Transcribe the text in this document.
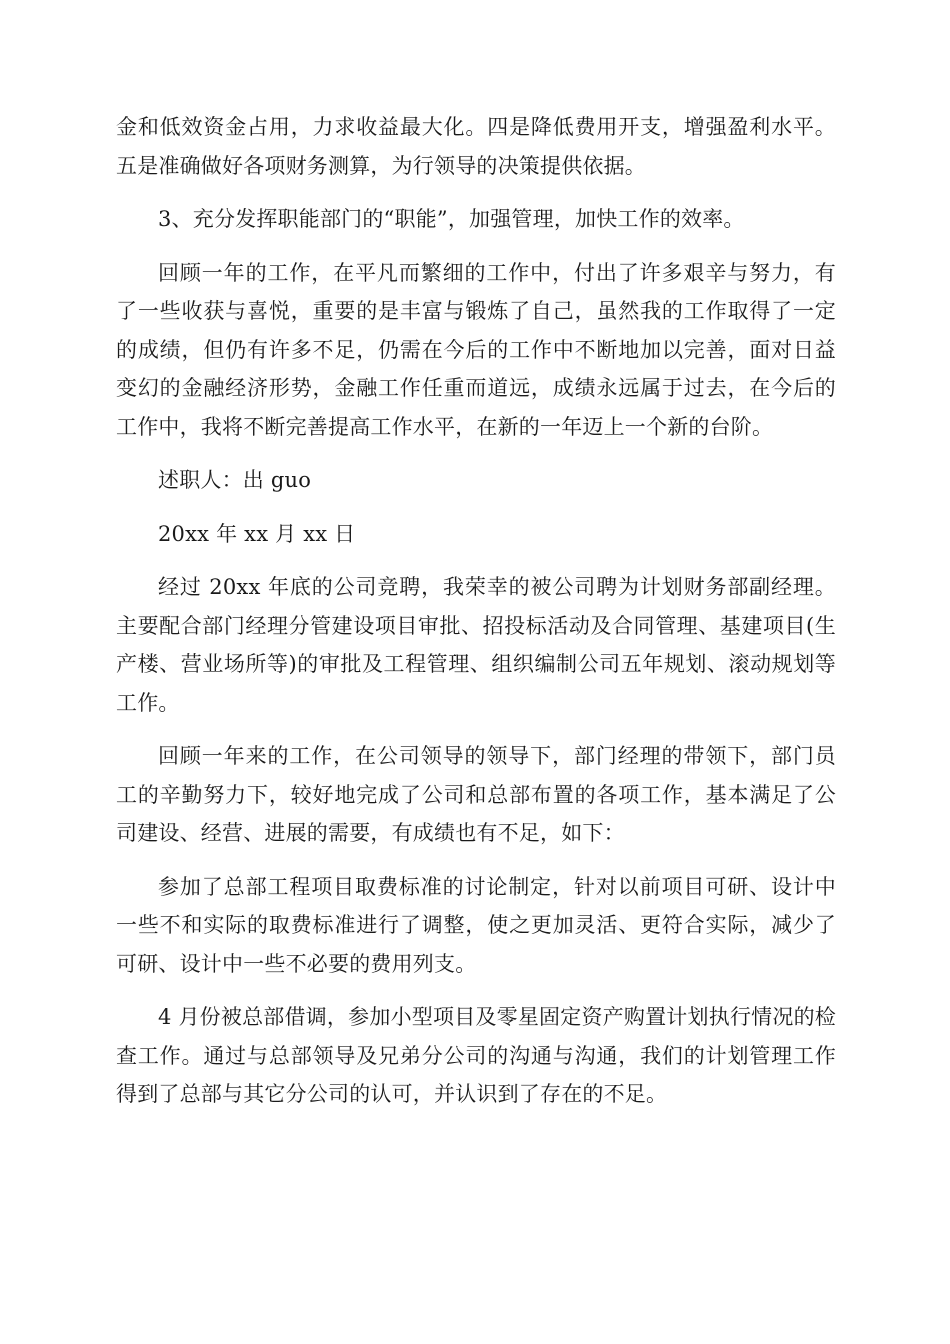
金和低效资金占用，力求收益最大化。四是降低费用开支，增强盈利水平。五是准确做好各项财务测算，为行领导的决策提供依据。

3、充分发挥职能部门的“职能”，加强管理，加快工作的效率。

回顾一年的工作，在平凡而繁细的工作中，付出了许多艰辛与努力，有了一些收获与喜悦，重要的是丰富与锻炼了自己，虽然我的工作取得了一定的成绩，但仍有许多不足，仍需在今后的工作中不断地加以完善，面对日益变幻的金融经济形势，金融工作任重而道远，成绩永远属于过去，在今后的工作中，我将不断完善提高工作水平，在新的一年迈上一个新的台阶。

述职人：出 guo

20xx 年 xx 月 xx 日

经过 20xx 年底的公司竞聘，我荣幸的被公司聘为计划财务部副经理。主要配合部门经理分管建设项目审批、招投标活动及合同管理、基建项目(生产楼、营业场所等)的审批及工程管理、组织编制公司五年规划、滚动规划等工作。

回顾一年来的工作，在公司领导的领导下，部门经理的带领下，部门员工的辛勤努力下，较好地完成了公司和总部布置的各项工作，基本满足了公司建设、经营、进展的需要，有成绩也有不足，如下：

参加了总部工程项目取费标准的讨论制定，针对以前项目可研、设计中一些不和实际的取费标准进行了调整，使之更加灵活、更符合实际，减少了可研、设计中一些不必要的费用列支。

4 月份被总部借调，参加小型项目及零星固定资产购置计划执行情况的检查工作。通过与总部领导及兄弟分公司的沟通与沟通，我们的计划管理工作得到了总部与其它分公司的认可，并认识到了存在的不足。
